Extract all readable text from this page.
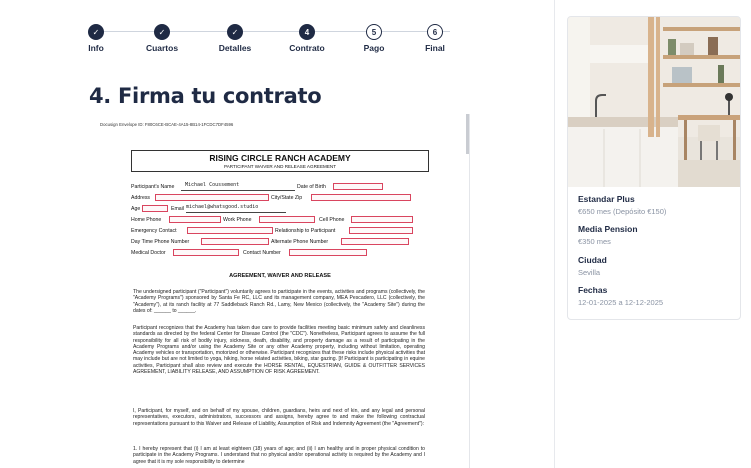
✓
Info
✓
Cuartos
✓
Detalles
4
Contrato
5
Pago
6
Final
4. Firma tu contrato
Docusign Envelope ID: F80C6CE-BCAE-4A15-8B14-1FCDC7DF4596
RISING CIRCLE RANCH ACADEMY
PARTICIPANT WAIVER AND RELEASE AGREEMENT
Participant's Name Michael Coussement	Date of Birth
Address	City/State Zip
Age	Email michael@whatsgood.studio
Home Phone	Work Phone	Cell Phone
Emergency Contact	Relationship to Participant
Day Time Phone Number	Alternate Phone Number
Medical Doctor	Contact Number
AGREEMENT, WAIVER AND RELEASE

The undersigned participant ("Participant") voluntarily agrees to participate in the events, activities and programs (collectively, the "Academy Programs") sponsored by Santa Fe RC, LLC and its management company, MEA Pescadero, LLC (collectively, the "Academy"), at its ranch facility at 77 Saddleback Ranch Rd., Lamy, New Mexico (collectively, the "Academy Site") during the dates of: ______ to ______.

Participant recognizes that the Academy has taken due care to provide facilities meeting basic minimum safety and cleanliness standards as directed by the federal Center for Disease Control (the "CDC"). Nonetheless, Participant agrees to assume the full responsibility for all risk of bodily injury, sickness, death, disability, and property damage as a result of participating in the Academy Programs and/or using the Academy Site or any other Academy property, including without limitation, operating Academy vehicles or transportation, motorized or otherwise. Participant recognizes that these risks include physical activities that may include but are not limited to yoga, hiking, horse related activities, biking, star gazing. [If Participant is participating in equine activities, Participant shall also review and execute the HORSE RENTAL, EQUESTRIAN, GUIDE & OUTFITTER SERVICES AGREEMENT, LIABILITY RELEASE, AND ASSUMPTION OF RISK AGREEMENT.

I, Participant, for myself, and on behalf of my spouse, children, guardians, heirs and next of kin, and any legal and personal representatives, executors, administrators, successors and assigns, hereby agree to and make the following contractual representations pursuant to this Waiver and Release of Liability, Assumption of Risk and Indemnity Agreement (the "Agreement"):

1. I hereby represent that (i) I am at least eighteen (18) years of age; and (ii) I am healthy and in proper physical condition to participate in the Academy Programs. I understand that no physical and/or operational activity is required by the Academy and I agree that it is my sole responsibility to determine

Estandar Plus
€650 mes (Depósito €150)
Media Pension
€350 mes
Ciudad
Sevilla
Fechas
12-01-2025 a 12-12-2025
